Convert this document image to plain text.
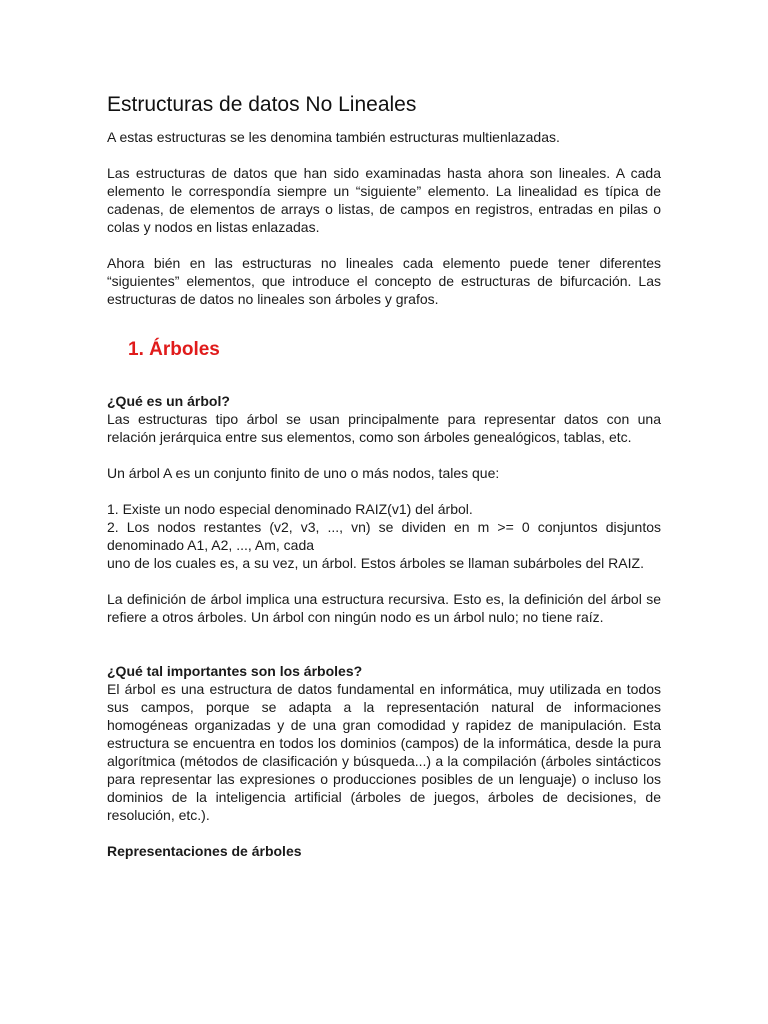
Estructuras de datos No Lineales

A estas estructuras se les denomina también estructuras multienlazadas.

Las estructuras de datos que han sido examinadas hasta ahora son lineales. A cada elemento le correspondía siempre un “siguiente” elemento. La linealidad es típica de cadenas, de elementos de arrays o listas, de campos en registros, entradas en pilas o colas y nodos en listas enlazadas.

Ahora bién en las estructuras no lineales cada elemento puede tener diferentes “siguientes” elementos, que introduce el concepto de estructuras de bifurcación. Las estructuras de datos no lineales son árboles y grafos.

1. Árboles

¿Qué es un árbol?

Las estructuras tipo árbol se usan principalmente para representar datos con una relación jerárquica entre sus elementos, como son árboles genealógicos, tablas, etc.

Un árbol A es un conjunto finito de uno o más nodos, tales que:

1. Existe un nodo especial denominado RAIZ(v1) del árbol.

2. Los nodos restantes (v2, v3, ..., vn) se dividen en m >= 0 conjuntos disjuntos denominado A1, A2, ..., Am, cada

uno de los cuales es, a su vez, un árbol. Estos árboles se llaman subárboles del RAIZ.

La definición de árbol implica una estructura recursiva. Esto es, la definición del árbol se refiere a otros árboles. Un árbol con ningún nodo es un árbol nulo; no tiene raíz.

¿Qué tal importantes son los árboles?

El árbol es una estructura de datos fundamental en informática, muy utilizada en todos sus campos, porque se adapta a la representación natural de informaciones homogéneas organizadas y de una gran comodidad y rapidez de manipulación. Esta estructura se encuentra en todos los dominios (campos) de la informática, desde la pura algorítmica (métodos de clasificación y búsqueda...) a la compilación (árboles sintácticos para representar las expresiones o producciones posibles de un lenguaje) o incluso los dominios de la inteligencia artificial (árboles de juegos, árboles de decisiones, de resolución, etc.).

Representaciones de árboles
